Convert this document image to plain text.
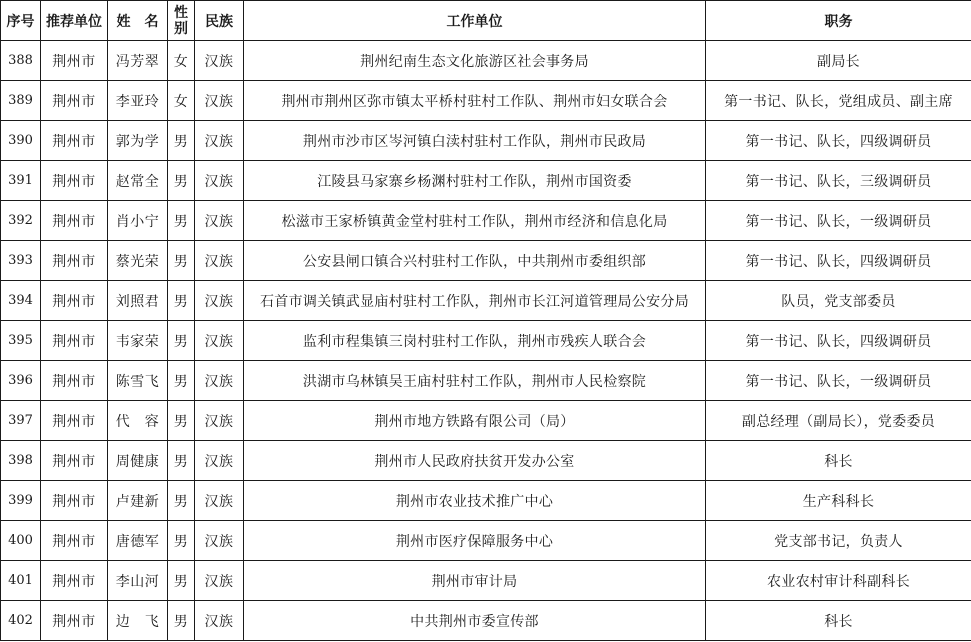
序号	推荐单位	姓　名	性别	民族	工作单位	职务
388	荆州市	冯芳翠	女	汉族	荆州纪南生态文化旅游区社会事务局	副局长
389	荆州市	李亚玲	女	汉族	荆州市荆州区弥市镇太平桥村驻村工作队、荆州市妇女联合会	第一书记、队长，党组成员、副主席
390	荆州市	郭为学	男	汉族	荆州市沙市区岑河镇白渎村驻村工作队，荆州市民政局	第一书记、队长，四级调研员
391	荆州市	赵常全	男	汉族	江陵县马家寨乡杨渊村驻村工作队，荆州市国资委	第一书记、队长，三级调研员
392	荆州市	肖小宁	男	汉族	松滋市王家桥镇黄金堂村驻村工作队，荆州市经济和信息化局	第一书记、队长，一级调研员
393	荆州市	蔡光荣	男	汉族	公安县闸口镇合兴村驻村工作队，中共荆州市委组织部	第一书记、队长，四级调研员
394	荆州市	刘照君	男	汉族	石首市调关镇武显庙村驻村工作队，荆州市长江河道管理局公安分局	队员，党支部委员
395	荆州市	韦家荣	男	汉族	监利市程集镇三岗村驻村工作队，荆州市残疾人联合会	第一书记、队长，四级调研员
396	荆州市	陈雪飞	男	汉族	洪湖市乌林镇吴王庙村驻村工作队，荆州市人民检察院	第一书记、队长，一级调研员
397	荆州市	代　容	男	汉族	荆州市地方铁路有限公司（局）	副总经理（副局长），党委委员
398	荆州市	周健康	男	汉族	荆州市人民政府扶贫开发办公室	科长
399	荆州市	卢建新	男	汉族	荆州市农业技术推广中心	生产科科长
400	荆州市	唐德军	男	汉族	荆州市医疗保障服务中心	党支部书记，负责人
401	荆州市	李山河	男	汉族	荆州市审计局	农业农村审计科副科长
402	荆州市	边　飞	男	汉族	中共荆州市委宣传部	科长
